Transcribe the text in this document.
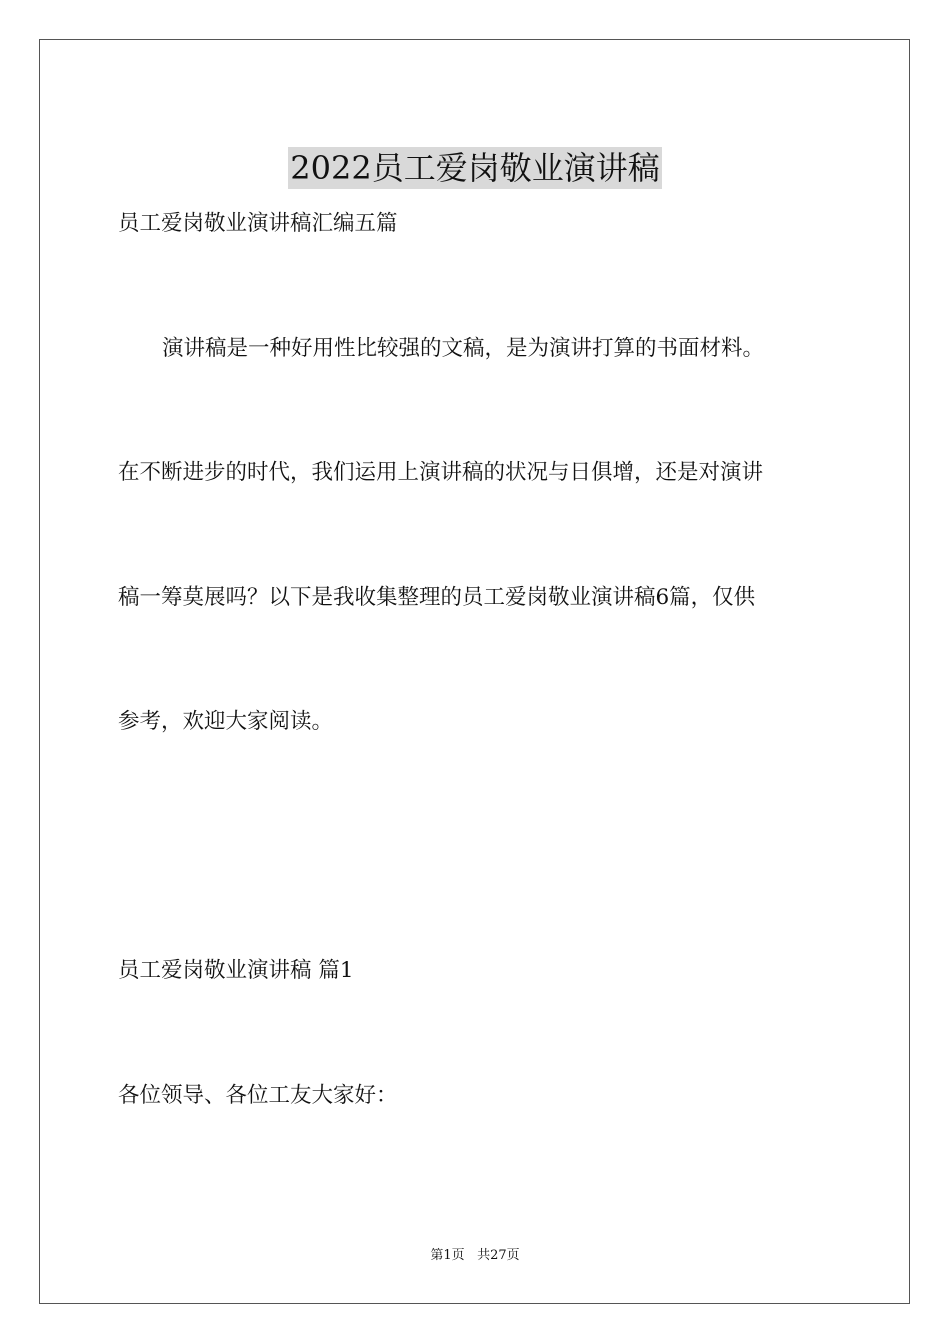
2022员工爱岗敬业演讲稿
员工爱岗敬业演讲稿汇编五篇
演讲稿是一种好用性比较强的文稿，是为演讲打算的书面材料。
在不断进步的时代，我们运用上演讲稿的状况与日俱增，还是对演讲
稿一筹莫展吗？以下是我收集整理的员工爱岗敬业演讲稿6篇，仅供
参考，欢迎大家阅读。
员工爱岗敬业演讲稿 篇1
各位领导、各位工友大家好：
第1页 共27页
